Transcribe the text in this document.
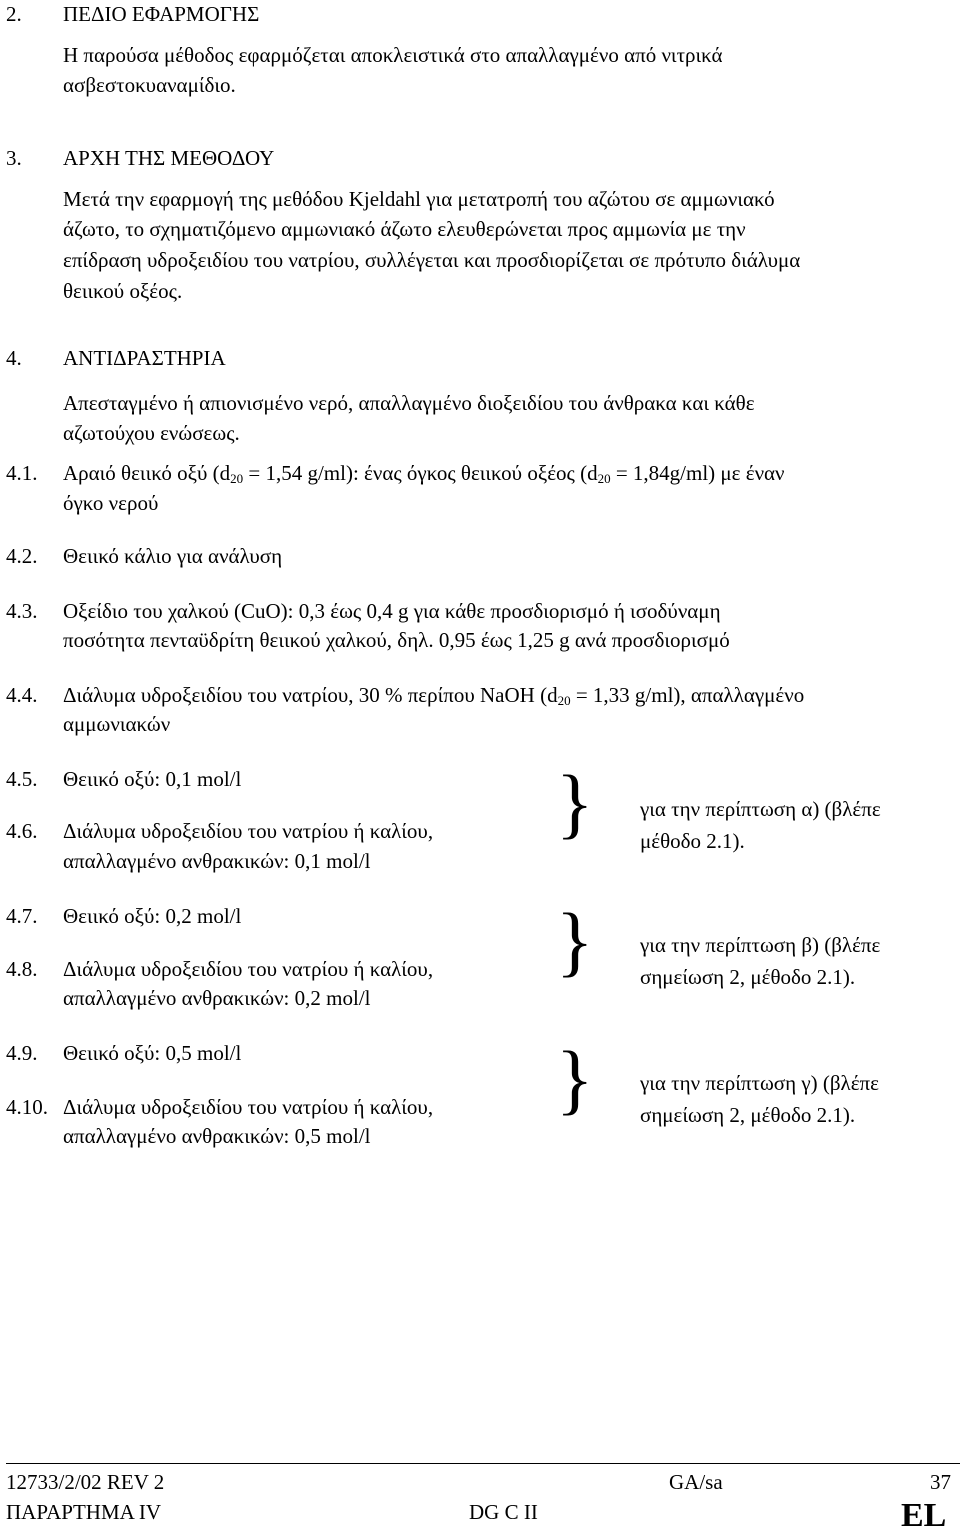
2. ΠΕΔΙΟ ΕΦΑΡΜΟΓΗΣ
Η παρούσα μέθοδος εφαρμόζεται αποκλειστικά στο απαλλαγμένο από νιτρικά
ασβεστοκυαναμίδιο.
3. ΑΡΧΗ ΤΗΣ ΜΕΘΟΔΟΥ
Μετά την εφαρμογή της μεθόδου Kjeldahl για μετατροπή του αζώτου σε αμμωνιακό
άζωτο, το σχηματιζόμενο αμμωνιακό άζωτο ελευθερώνεται προς αμμωνία με την
επίδραση υδροξειδίου του νατρίου, συλλέγεται και προσδιορίζεται σε πρότυπο διάλυμα
θειικού οξέος.
4. ΑΝΤΙΔΡΑΣΤΗΡΙΑ
Απεσταγμένο ή απιονισμένο νερό, απαλλαγμένο διοξειδίου του άνθρακα και κάθε
αζωτούχου ενώσεως.
4.1. Αραιό θειικό οξύ ($d_{20} = 1,54$ g/ml): ένας όγκος θειικού οξέος $(d_{20} = 1,84g/ml)$ με έναν
όγκο νερού
4.2. Θειικό κάλιο για ανάλυση
4.3. Οξείδιο του χαλκού (CuO): 0,3 έως 0,4 g για κάθε προσδιορισμό ή ισοδύναμη
ποσότητα πενταϋδρίτη θειικού χαλκού, δηλ. 0,95 έως 1,25 g ανά προσδιορισμό
4.4. Διάλυμα υδροξειδίου του νατρίου, 30 % περίπου NaOH ($d_{20} = 1,33$ g/ml), απαλλαγμένο
αμμωνιακών
4.5. Θειικό οξύ: 0,1 mol/l
4.6. Διάλυμα υδροξειδίου του νατρίου ή καλίου,
απαλλαγμένο ανθρακικών: 0,1 mol/l
} για την περίπτωση α) (βλέπε
μέθοδο 2.1).
4.7. Θειικό οξύ: 0,2 mol/l
4.8. Διάλυμα υδροξειδίου του νατρίου ή καλίου,
απαλλαγμένο ανθρακικών: 0,2 mol/l
} για την περίπτωση β) (βλέπε
σημείωση 2, μέθοδο 2.1).
4.9. Θειικό οξύ: 0,5 mol/l
4.10. Διάλυμα υδροξειδίου του νατρίου ή καλίου,
απαλλαγμένο ανθρακικών: 0,5 mol/l
} για την περίπτωση γ) (βλέπε
σημείωση 2, μέθοδο 2.1).
12733/2/02 REV 2	GA/sa	37
ΠΑΡΑΡΤΗΜΑ IV	DG C II	EL
